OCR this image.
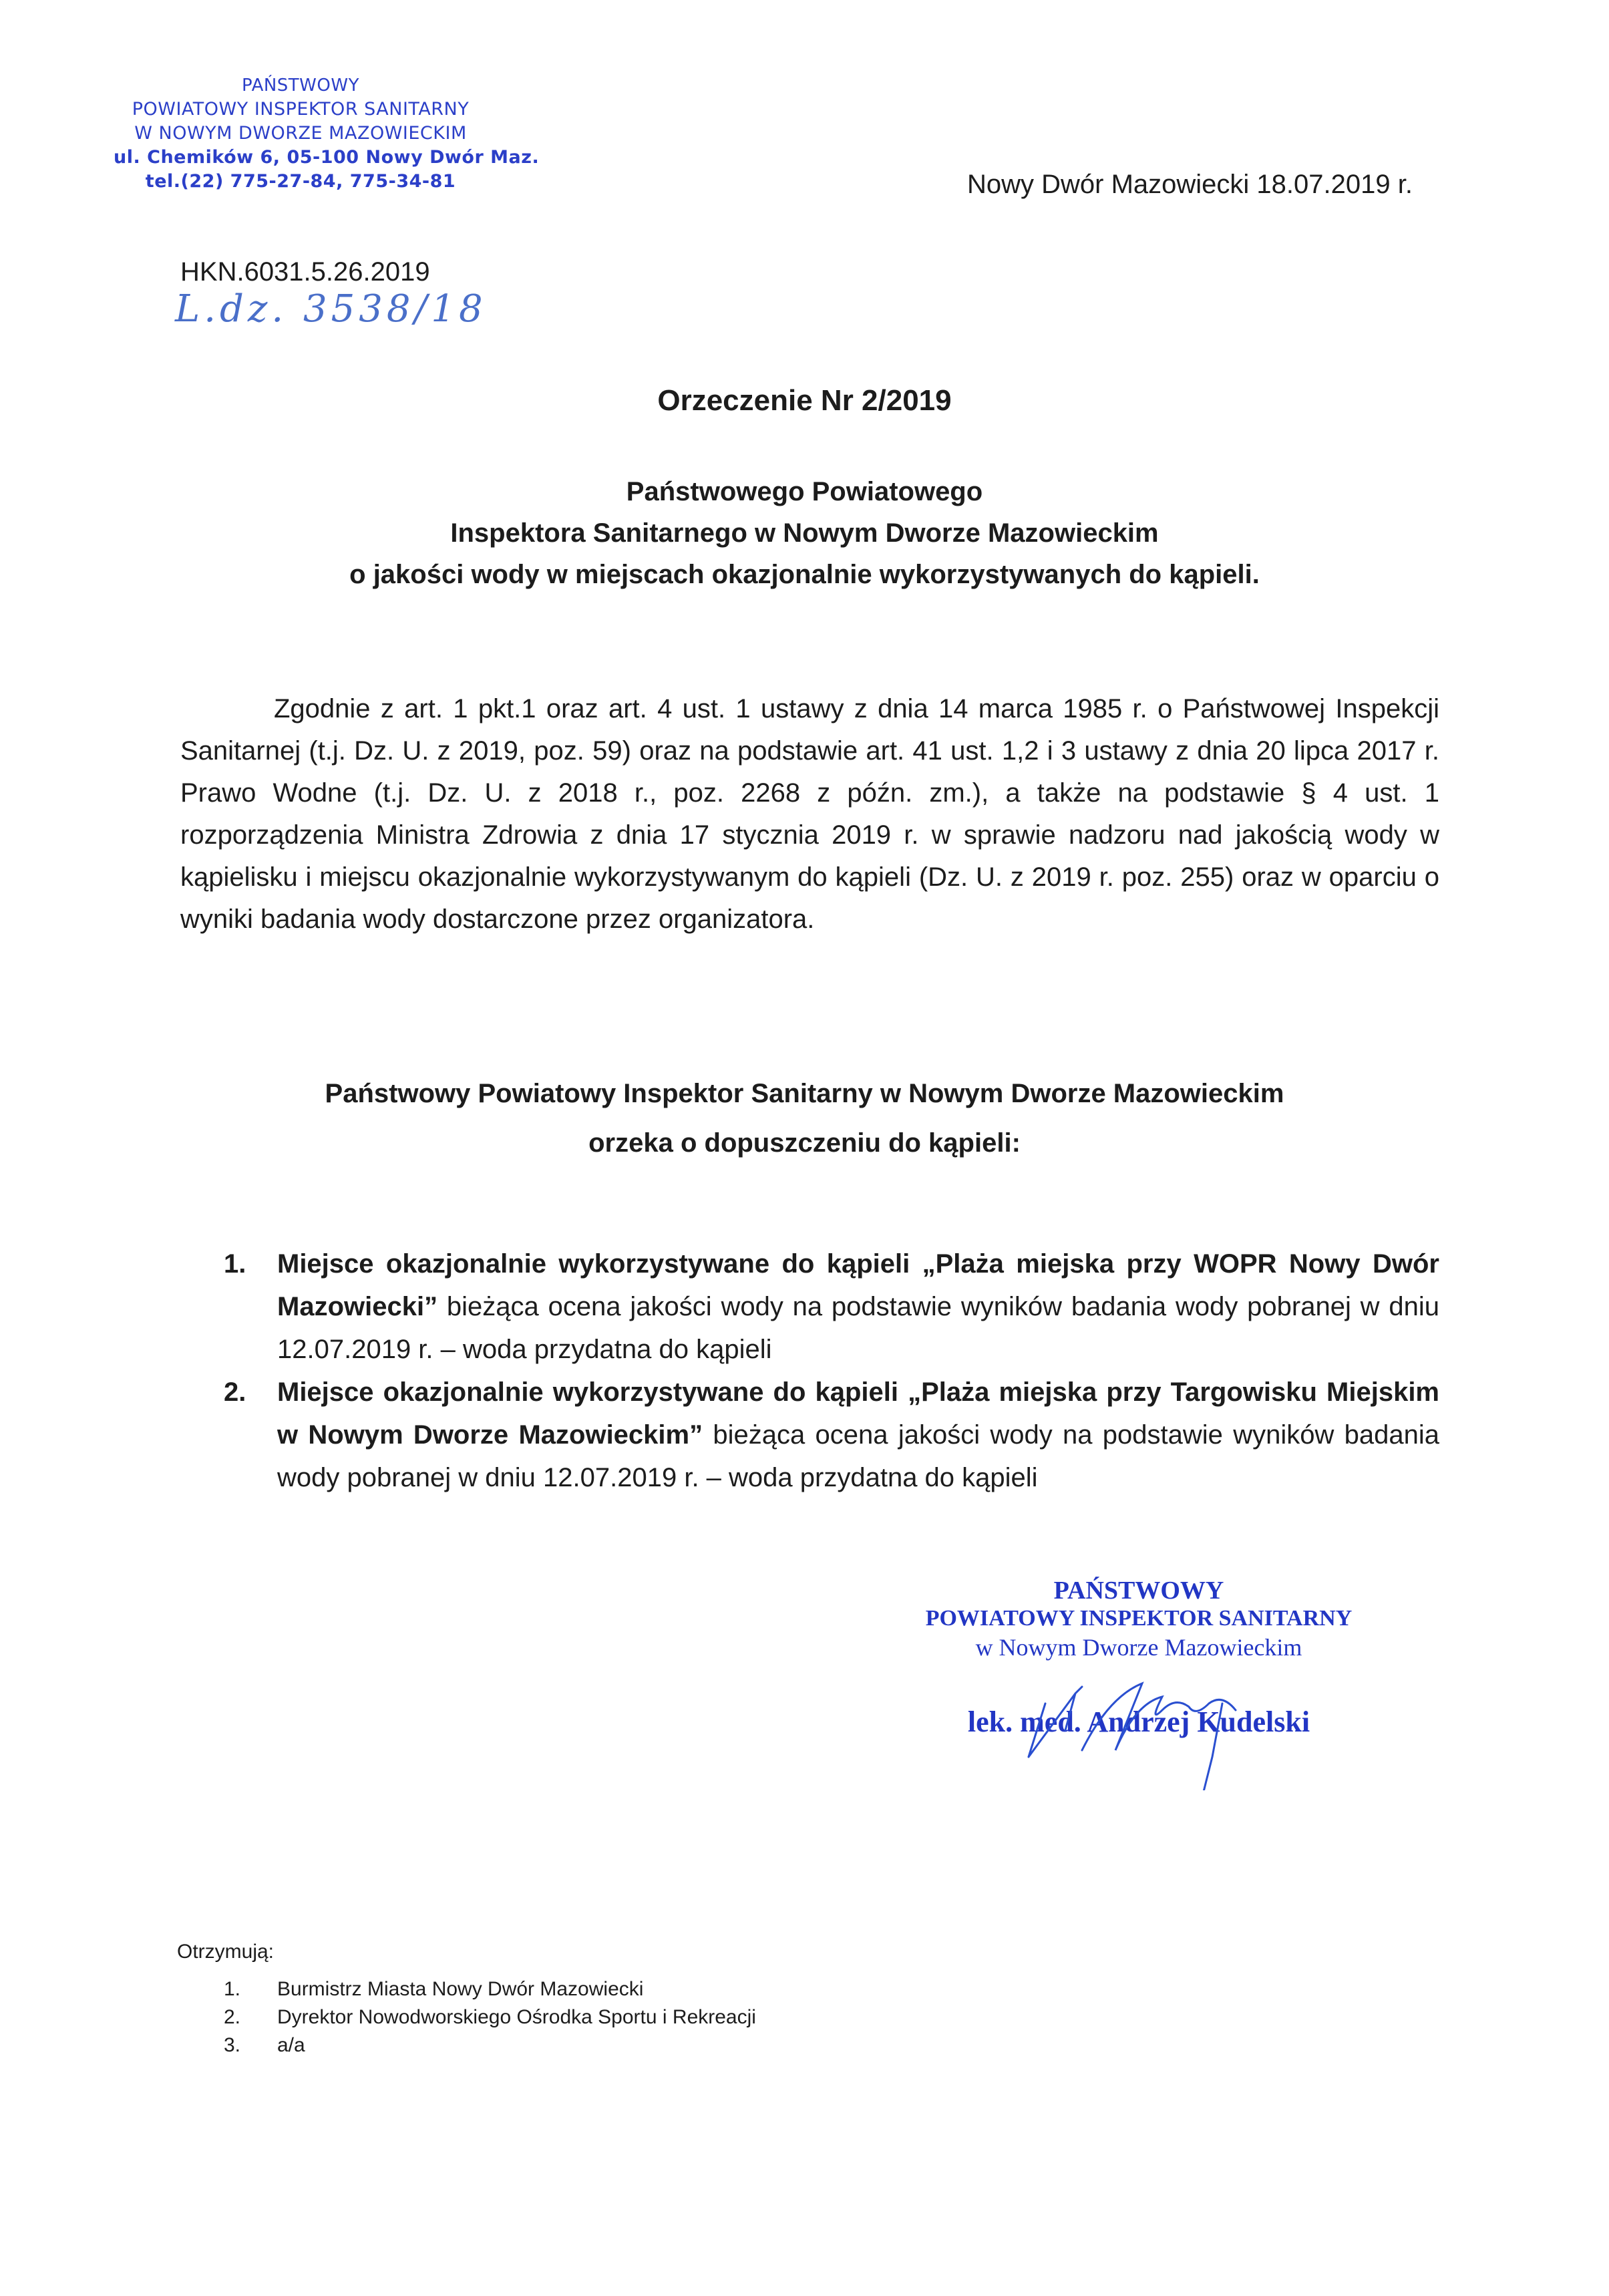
PAŃSTWOWY
POWIATOWY INSPEKTOR SANITARNY
W NOWYM DWORZE MAZOWIECKIM
ul. Chemików 6, 05-100 Nowy Dwór Maz.
tel.(22) 775-27-84, 775-34-81	Nowy Dwór Mazowiecki 18.07.2019 r.
HKN.6031.5.26.2019
L.dz. 3538/18
Orzeczenie Nr 2/2019
Państwowego Powiatowego
Inspektora Sanitarnego w Nowym Dworze Mazowieckim
o jakości wody w miejscach okazjonalnie wykorzystywanych do kąpieli.
Zgodnie z art. 1 pkt.1 oraz art. 4 ust. 1 ustawy z dnia 14 marca 1985 r. o Państwowej Inspekcji Sanitarnej (t.j. Dz. U. z 2019, poz. 59) oraz na podstawie art. 41 ust. 1,2 i 3 ustawy z dnia 20 lipca 2017 r. Prawo Wodne (t.j. Dz. U. z 2018 r., poz. 2268 z późn. zm.), a także na podstawie § 4 ust. 1 rozporządzenia Ministra Zdrowia z dnia 17 stycznia 2019 r. w sprawie nadzoru nad jakością wody w kąpielisku i miejscu okazjonalnie wykorzystywanym do kąpieli (Dz. U. z 2019 r. poz. 255) oraz w oparciu o wyniki badania wody dostarczone przez organizatora.
Państwowy Powiatowy Inspektor Sanitarny w Nowym Dworze Mazowieckim
orzeka o dopuszczeniu do kąpieli:
1. Miejsce okazjonalnie wykorzystywane do kąpieli „Plaża miejska przy WOPR Nowy Dwór Mazowiecki” bieżąca ocena jakości wody na podstawie wyników badania wody pobranej w dniu 12.07.2019 r. – woda przydatna do kąpieli
2. Miejsce okazjonalnie wykorzystywane do kąpieli „Plaża miejska przy Targowisku Miejskim w Nowym Dworze Mazowieckim” bieżąca ocena jakości wody na podstawie wyników badania wody pobranej w dniu 12.07.2019 r. – woda przydatna do kąpieli
PAŃSTWOWY
POWIATOWY INSPEKTOR SANITARNY
w Nowym Dworze Mazowieckim
lek. med. Andrzej Kudelski
Otrzymują:
1.	Burmistrz Miasta Nowy Dwór Mazowiecki
2.	Dyrektor Nowodworskiego Ośrodka Sportu i Rekreacji
3.	a/a
